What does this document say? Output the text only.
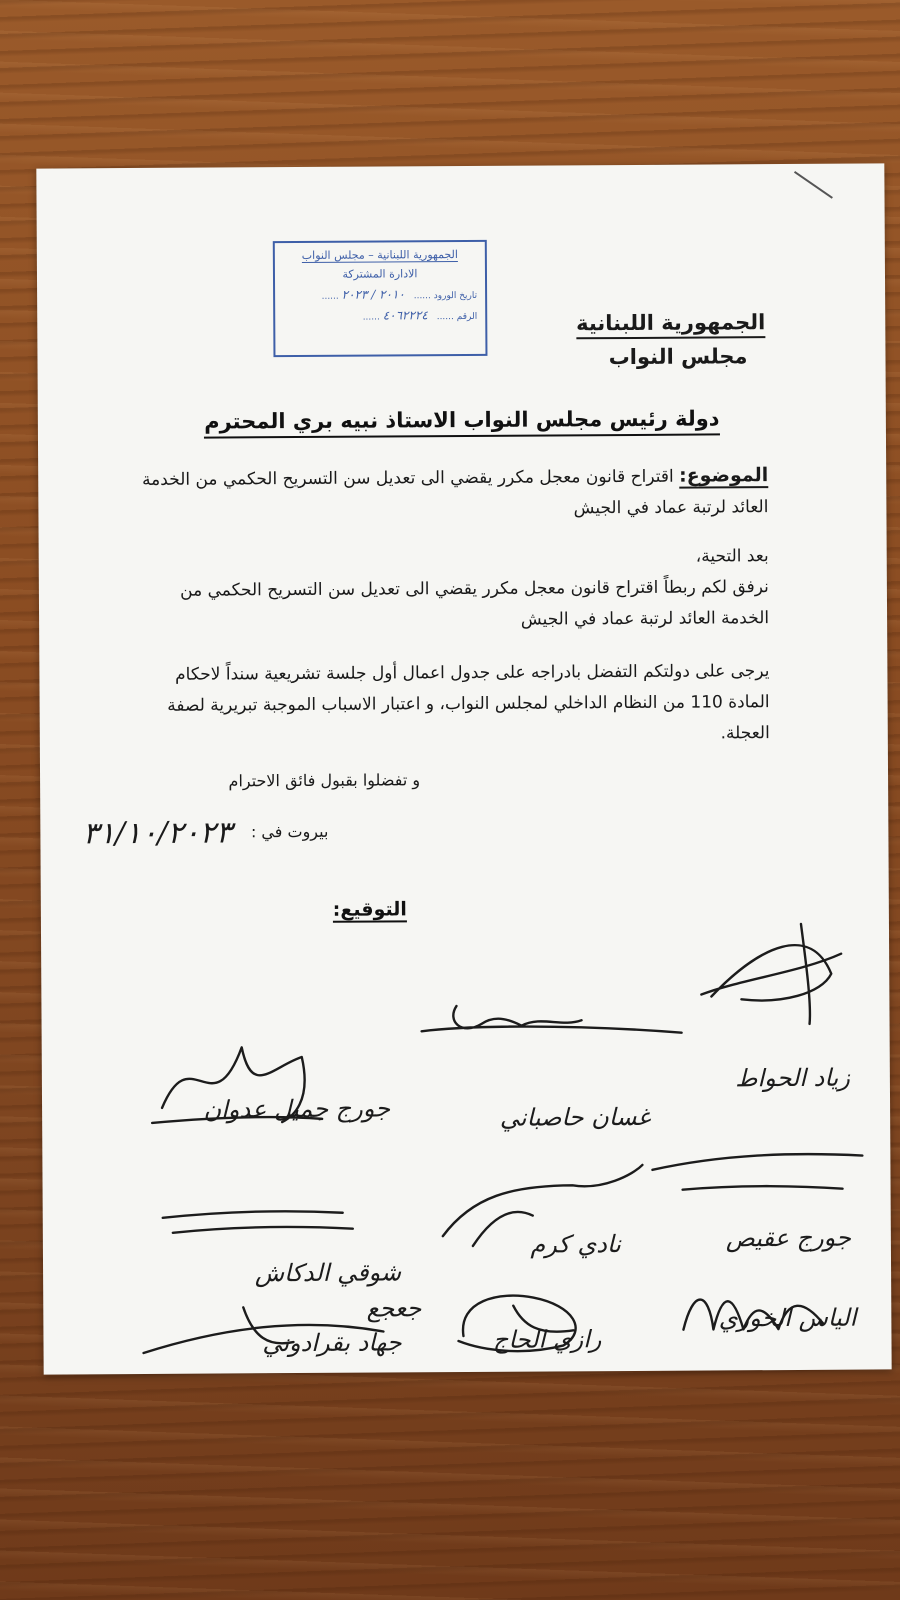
الجمهورية اللبنانية – مجلس النواب
الادارة المشتركة
تاريخ الورود ...... ٢٠١٠ / ٢٠٢٣ ......
الرقم ...... ٤٠٦٢٢٢٤ ......	الجمهورية اللبنانية
مجلس النواب
دولة رئيس مجلس النواب الاستاذ نبيه بري المحترم
الموضوع: اقتراح قانون معجل مكرر يقضي الى تعديل سن التسريح الحكمي من الخدمة العائد لرتبة عماد في الجيش

بعد التحية،

نرفق لكم ربطاً اقتراح قانون معجل مكرر يقضي الى تعديل سن التسريح الحكمي من الخدمة العائد لرتبة عماد في الجيش

يرجى على دولتكم التفضل بادراجه على جدول اعمال أول جلسة تشريعية سنداً لاحكام المادة 110 من النظام الداخلي لمجلس النواب، و اعتبار الاسباب الموجبة تبريرية لصفة العجلة.

و تفضلوا بقبول فائق الاحترام
بيروت في : ٣١/١٠/٢٠٢٣
التوقيع:
زياد الحواط
غسان حاصباني
جورج جميل عدوان
جورج عقيص
نادي كرم
شوقي الدكاش
الياس الخوري
رازي الحاج
جهاد بقرادوني
جعجع
